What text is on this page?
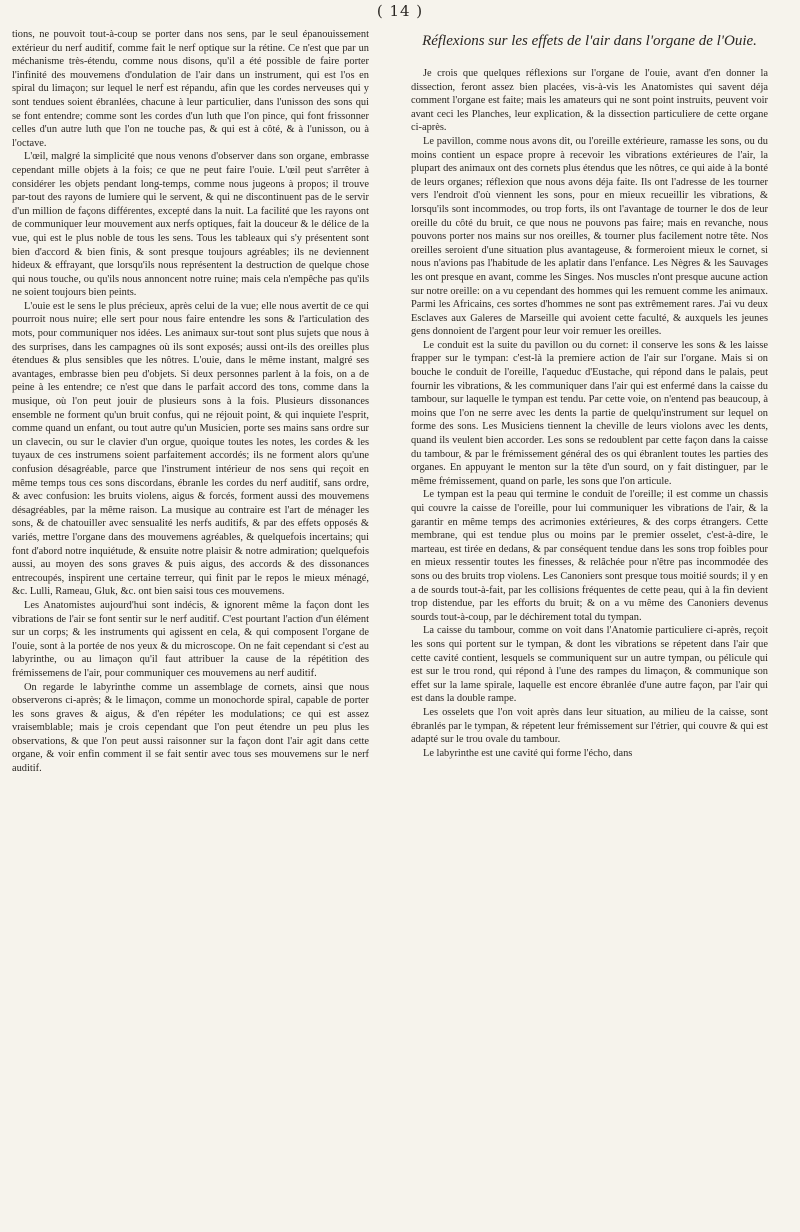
( 14 )

tions, ne pouvoit tout-à-coup se porter dans nos sens, par le seul épanouissement extérieur du nerf auditif, comme fait le nerf optique sur la rétine. Ce n'est que par un méchanisme très-étendu, comme nous disons, qu'il a été possible de faire porter l'infinité des mouvemens d'ondulation de l'air dans un instrument, qui est l'os en spiral du limaçon; sur lequel le nerf est répandu, afin que les cordes nerveuses qui y sont tendues soient ébranlées, chacune à leur particulier, dans l'unisson des sons qui se font entendre; comme sont les cordes d'un luth que l'on pince, qui font frissonner celles d'un autre luth que l'on ne touche pas, & qui est à côté, & à l'unisson, ou à l'octave.

L'œil, malgré la simplicité que nous venons d'observer dans son organe, embrasse cependant mille objets à la fois; ce que ne peut faire l'ouie. L'œil peut s'arrêter à considérer les objets pendant long-temps, comme nous jugeons à propos; il trouve par-tout des rayons de lumiere qui le servent, & qui ne discontinuent pas de le servir d'un million de façons différentes, excepté dans la nuit. La facilité que les rayons ont de communiquer leur mouvement aux nerfs optiques, fait la douceur & le délice de la vue, qui est le plus noble de tous les sens. Tous les tableaux qui s'y présentent sont bien d'accord & bien finis, & sont presque toujours agréables; ils ne deviennent hideux & effrayant, que lorsqu'ils nous représentent la destruction de quelque chose qui nous touche, ou qu'ils nous annoncent notre ruine; mais cela n'empêche pas qu'ils ne soient toujours bien peints.

L'ouie est le sens le plus précieux, après celui de la vue; elle nous avertit de ce qui pourroit nous nuire; elle sert pour nous faire entendre les sons & l'articulation des mots, pour communiquer nos idées. Les animaux sur-tout sont plus sujets que nous à des surprises, dans les campagnes où ils sont exposés; aussi ont-ils des oreilles plus étendues & plus sensibles que les nôtres. L'ouie, dans le même instant, malgré ses avantages, embrasse bien peu d'objets. Si deux personnes parlent à la fois, on a de peine à les entendre; ce n'est que dans le parfait accord des tons, comme dans la musique, où l'on peut jouir de plusieurs sons à la fois. Plusieurs dissonances ensemble ne forment qu'un bruit confus, qui ne réjouit point, & qui inquiete l'esprit, comme quand un enfant, ou tout autre qu'un Musicien, porte ses mains sans ordre sur un clavecin, ou sur le clavier d'un orgue, quoique toutes les notes, les cordes & les tuyaux de ces instrumens soient parfaitement accordés; ils ne forment alors qu'une confusion désagréable, parce que l'instrument intérieur de nos sens qui reçoit en même temps tous ces sons discordans, ébranle les cordes du nerf auditif, sans ordre, & avec confusion: les bruits violens, aigus & forcés, forment aussi des mouvemens désagréables, par la même raison. La musique au contraire est l'art de ménager les sons, & de chatouiller avec sensualité les nerfs auditifs, & par des effets opposés & variés, mettre l'organe dans des mouvemens agréables, & quelquefois incertains; qui font d'abord notre inquiétude, & ensuite notre plaisir & notre admiration; quelquefois aussi, au moyen des sons graves & puis aigus, des accords & des dissonances entrecoupés, inspirent une certaine terreur, qui finit par le repos le mieux ménagé, &c. Lulli, Rameau, Gluk, &c. ont bien saisi tous ces mouvemens.

Les Anatomistes aujourd'hui sont indécis, & ignorent même la façon dont les vibrations de l'air se font sentir sur le nerf auditif. C'est pourtant l'action d'un élément sur un corps; & les instruments qui agissent en cela, & qui composent l'organe de l'ouie, sont à la portée de nos yeux & du microscope. On ne fait cependant si c'est au labyrinthe, ou au limaçon qu'il faut attribuer la cause de la répétition des frémissemens de l'air, pour communiquer ces mouvemens au nerf auditif.

On regarde le labyrinthe comme un assemblage de cornets, ainsi que nous observerons ci-après; & le limaçon, comme un monochorde spiral, capable de porter les sons graves & aigus, & d'en répéter les modulations; ce qui est assez vraisemblable; mais je crois cependant que l'on peut étendre un peu plus les observations, & que l'on peut aussi raisonner sur la façon dont l'air agit dans cette organe, & voir enfin comment il se fait sentir avec tous ses mouvemens sur le nerf auditif.

Réflexions sur les effets de l'air dans l'organe de l'Ouie.

Je crois que quelques réflexions sur l'organe de l'ouie, avant d'en donner la dissection, feront assez bien placées, vis-à-vis les Anatomistes qui savent déja comment l'organe est faite; mais les amateurs qui ne sont point instruits, peuvent voir avant ceci les Planches, leur explication, & la dissection particuliere de cette organe ci-après.

Le pavillon, comme nous avons dit, ou l'oreille extérieure, ramasse les sons, ou du moins contient un espace propre à recevoir les vibrations extérieures de l'air, la plupart des animaux ont des cornets plus étendus que les nôtres, ce qui aide à la bonté de leurs organes; réflexion que nous avons déja faite. Ils ont l'adresse de les tourner vers l'endroit d'où viennent les sons, pour en mieux recueillir les vibrations, & lorsqu'ils sont incommodes, ou trop forts, ils ont l'avantage de tourner le dos de leur oreille du côté du bruit, ce que nous ne pouvons pas faire; mais en revanche, nous pouvons porter nos mains sur nos oreilles, & tourner plus facilement notre tête. Nos oreilles seroient d'une situation plus avantageuse, & formeroient mieux le cornet, si nous n'avions pas l'habitude de les aplatir dans l'enfance. Les Nègres & les Sauvages les ont presque en avant, comme les Singes. Nos muscles n'ont presque aucune action sur notre oreille: on a vu cependant des hommes qui les remuent comme les animaux. Parmi les Africains, ces sortes d'hommes ne sont pas extrêmement rares. J'ai vu deux Esclaves aux Galeres de Marseille qui avoient cette faculté, & auxquels les jeunes gens donnoient de l'argent pour leur voir remuer les oreilles.

Le conduit est la suite du pavillon ou du cornet: il conserve les sons & les laisse frapper sur le tympan: c'est-là la premiere action de l'air sur l'organe. Mais si on bouche le conduit de l'oreille, l'aqueduc d'Eustache, qui répond dans le palais, peut fournir les vibrations, & les communiquer dans l'air qui est enfermé dans la caisse du tambour, sur laquelle le tympan est tendu. Par cette voie, on n'entend pas beaucoup, à moins que l'on ne serre avec les dents la partie de quelqu'instrument sur lequel on forme des sons. Les Musiciens tiennent la cheville de leurs violons avec les dents, quand ils veulent bien accorder. Les sons se redoublent par cette façon dans la caisse du tambour, & par le frémissement général des os qui ébranlent toutes les parties des organes. En appuyant le menton sur la tête d'un sourd, on y fait distinguer, par le même frémissement, quand on parle, les sons que l'on articule.

Le tympan est la peau qui termine le conduit de l'oreille; il est comme un chassis qui couvre la caisse de l'oreille, pour lui communiquer les vibrations de l'air, & la garantir en même temps des acrimonies extérieures, & des corps étrangers. Cette membrane, qui est tendue plus ou moins par le premier osselet, c'est-à-dire, le marteau, est tirée en dedans, & par conséquent tendue dans les sons trop foibles pour en mieux ressentir toutes les finesses, & relâchée pour n'être pas incommodée des sons ou des bruits trop violens. Les Canoniers sont presque tous moitié sourds; il y en a de sourds tout-à-fait, par les collisions fréquentes de cette peau, qui à la fin devient trop distendue, par les efforts du bruit; & on a vu même des Canoniers devenus sourds tout-à-coup, par le déchirement total du tympan.

La caisse du tambour, comme on voit dans l'Anatomie particuliere ci-après, reçoit les sons qui portent sur le tympan, & dont les vibrations se répetent dans l'air que cette cavité contient, lesquels se communiquent sur un autre tympan, ou pélicule qui est sur le trou rond, qui répond à l'une des rampes du limaçon, & communique son effet sur la lame spirale, laquelle est encore ébranlée d'une autre façon, par l'air qui est dans la double rampe.

Les osselets que l'on voit après dans leur situation, au milieu de la caisse, sont ébranlés par le tympan, & répetent leur frémissement sur l'étrier, qui couvre & qui est adapté sur le trou ovale du tambour.

Le labyrinthe est une cavité qui forme l'écho, dans
